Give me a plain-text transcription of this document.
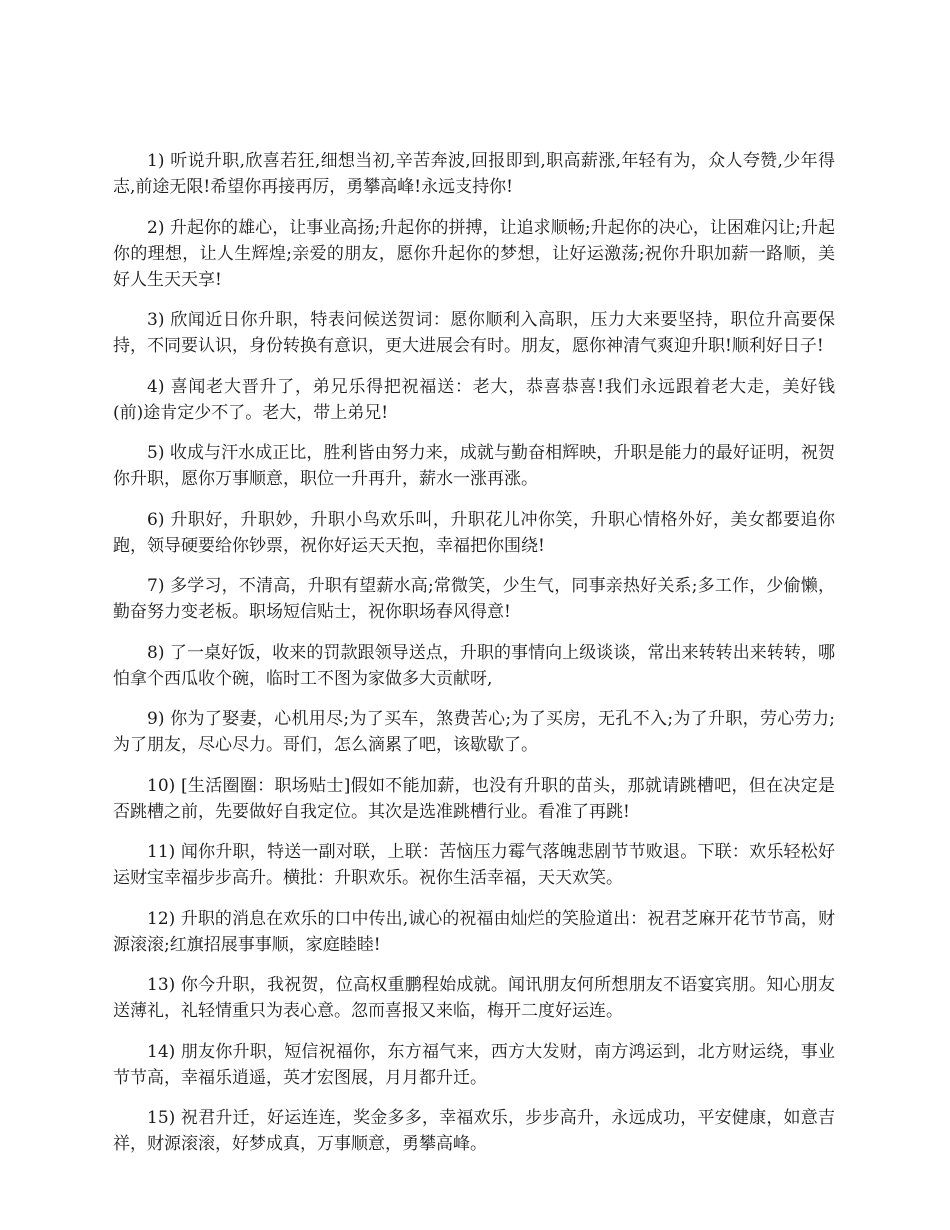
1) 听说升职,欣喜若狂,细想当初,辛苦奔波,回报即到,职高薪涨,年轻有为，众人夸赞,少年得志,前途无限!希望你再接再厉，勇攀高峰!永远支持你!

2) 升起你的雄心，让事业高扬;升起你的拼搏，让追求顺畅;升起你的决心，让困难闪让;升起你的理想，让人生辉煌;亲爱的朋友，愿你升起你的梦想，让好运激荡;祝你升职加薪一路顺，美好人生天天享!

3) 欣闻近日你升职，特表问候送贺词：愿你顺利入高职，压力大来要坚持，职位升高要保持，不同要认识，身份转换有意识，更大进展会有时。朋友，愿你神清气爽迎升职!顺利好日子!

4) 喜闻老大晋升了，弟兄乐得把祝福送：老大，恭喜恭喜!我们永远跟着老大走，美好钱(前)途肯定少不了。老大，带上弟兄!

5) 收成与汗水成正比，胜利皆由努力来，成就与勤奋相辉映，升职是能力的最好证明，祝贺你升职，愿你万事顺意，职位一升再升，薪水一涨再涨。

6) 升职好，升职妙，升职小鸟欢乐叫，升职花儿冲你笑，升职心情格外好，美女都要追你跑，领导硬要给你钞票，祝你好运天天抱，幸福把你围绕!

7) 多学习，不清高，升职有望薪水高;常微笑，少生气，同事亲热好关系;多工作，少偷懒，勤奋努力变老板。职场短信贴士，祝你职场春风得意!

8) 了一桌好饭，收来的罚款跟领导送点，升职的事情向上级谈谈，常出来转转出来转转，哪怕拿个西瓜收个碗，临时工不图为家做多大贡献呀,

9) 你为了娶妻，心机用尽;为了买车，煞费苦心;为了买房，无孔不入;为了升职，劳心劳力;为了朋友，尽心尽力。哥们，怎么滴累了吧，该歇歇了。

10) [生活圈圈：职场贴士]假如不能加薪，也没有升职的苗头，那就请跳槽吧，但在决定是否跳槽之前，先要做好自我定位。其次是选准跳槽行业。看准了再跳!

11) 闻你升职，特送一副对联，上联：苦恼压力霉气落魄悲剧节节败退。下联：欢乐轻松好运财宝幸福步步高升。横批：升职欢乐。祝你生活幸福，天天欢笑。

12) 升职的消息在欢乐的口中传出,诚心的祝福由灿烂的笑脸道出：祝君芝麻开花节节高，财源滚滚;红旗招展事事顺，家庭睦睦!

13) 你今升职，我祝贺，位高权重鹏程始成就。闻讯朋友何所想朋友不语宴宾朋。知心朋友送薄礼，礼轻情重只为表心意。忽而喜报又来临，梅开二度好运连。

14) 朋友你升职，短信祝福你，东方福气来，西方大发财，南方鸿运到，北方财运绕，事业节节高，幸福乐逍遥，英才宏图展，月月都升迁。

15) 祝君升迁，好运连连，奖金多多，幸福欢乐，步步高升，永远成功，平安健康，如意吉祥，财源滚滚，好梦成真，万事顺意，勇攀高峰。
